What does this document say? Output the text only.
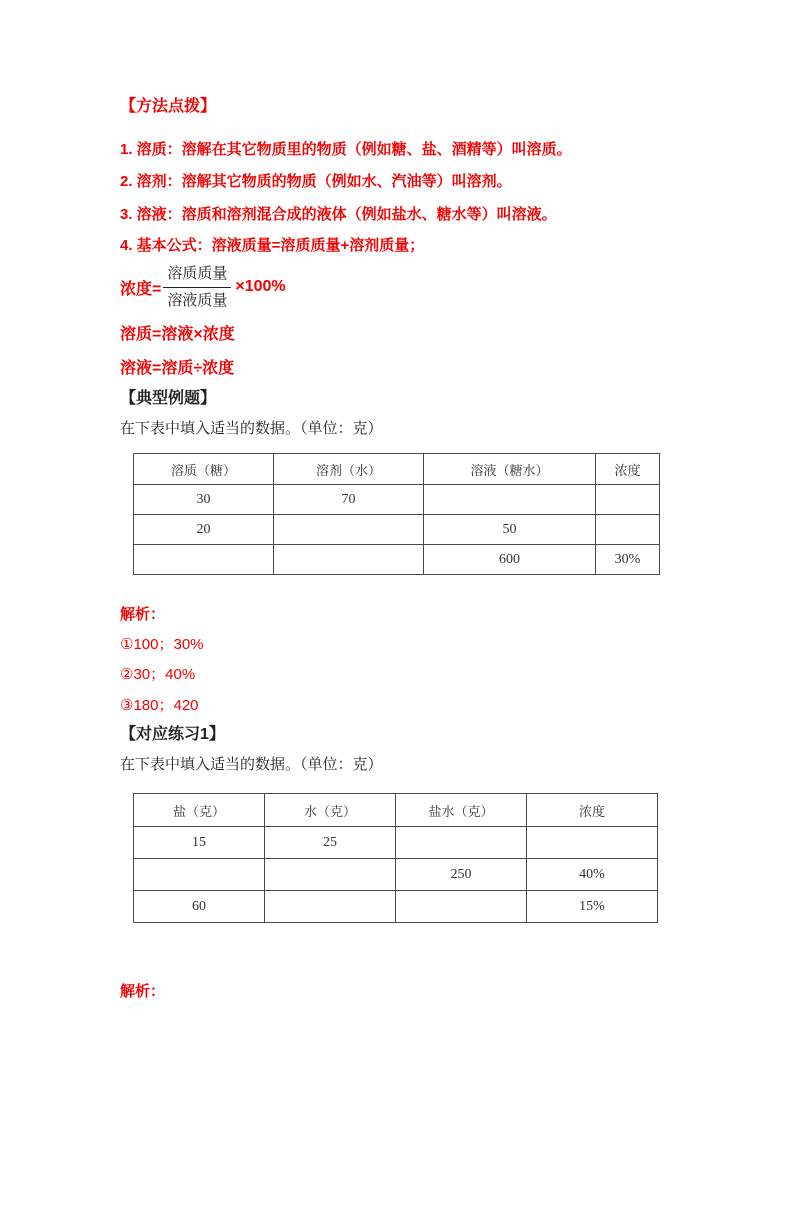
【方法点拨】

1. 溶质：溶解在其它物质里的物质（例如糖、盐、酒精等）叫溶质。

2. 溶剂：溶解其它物质的物质（例如水、汽油等）叫溶剂。

3. 溶液：溶质和溶剂混合成的液体（例如盐水、糖水等）叫溶液。

4. 基本公式：溶液质量=溶质质量+溶剂质量；

浓度= $\frac{\text{溶质质量}}{\text{溶液质量}} \times 100\%$

溶质=溶液×浓度

溶液=溶质÷浓度

【典型例题】

在下表中填入适当的数据。（单位：克）

溶质（糖）	溶剂（水）	溶液（糖水）	浓度
30	70		
20		50	
		600	30%

解析：

①100；30%

②30；40%

③180；420

【对应练习1】

在下表中填入适当的数据。（单位：克）

盐（克）	水（克）	盐水（克）	浓度
15	25		
		250	40%
60			15%

解析：
